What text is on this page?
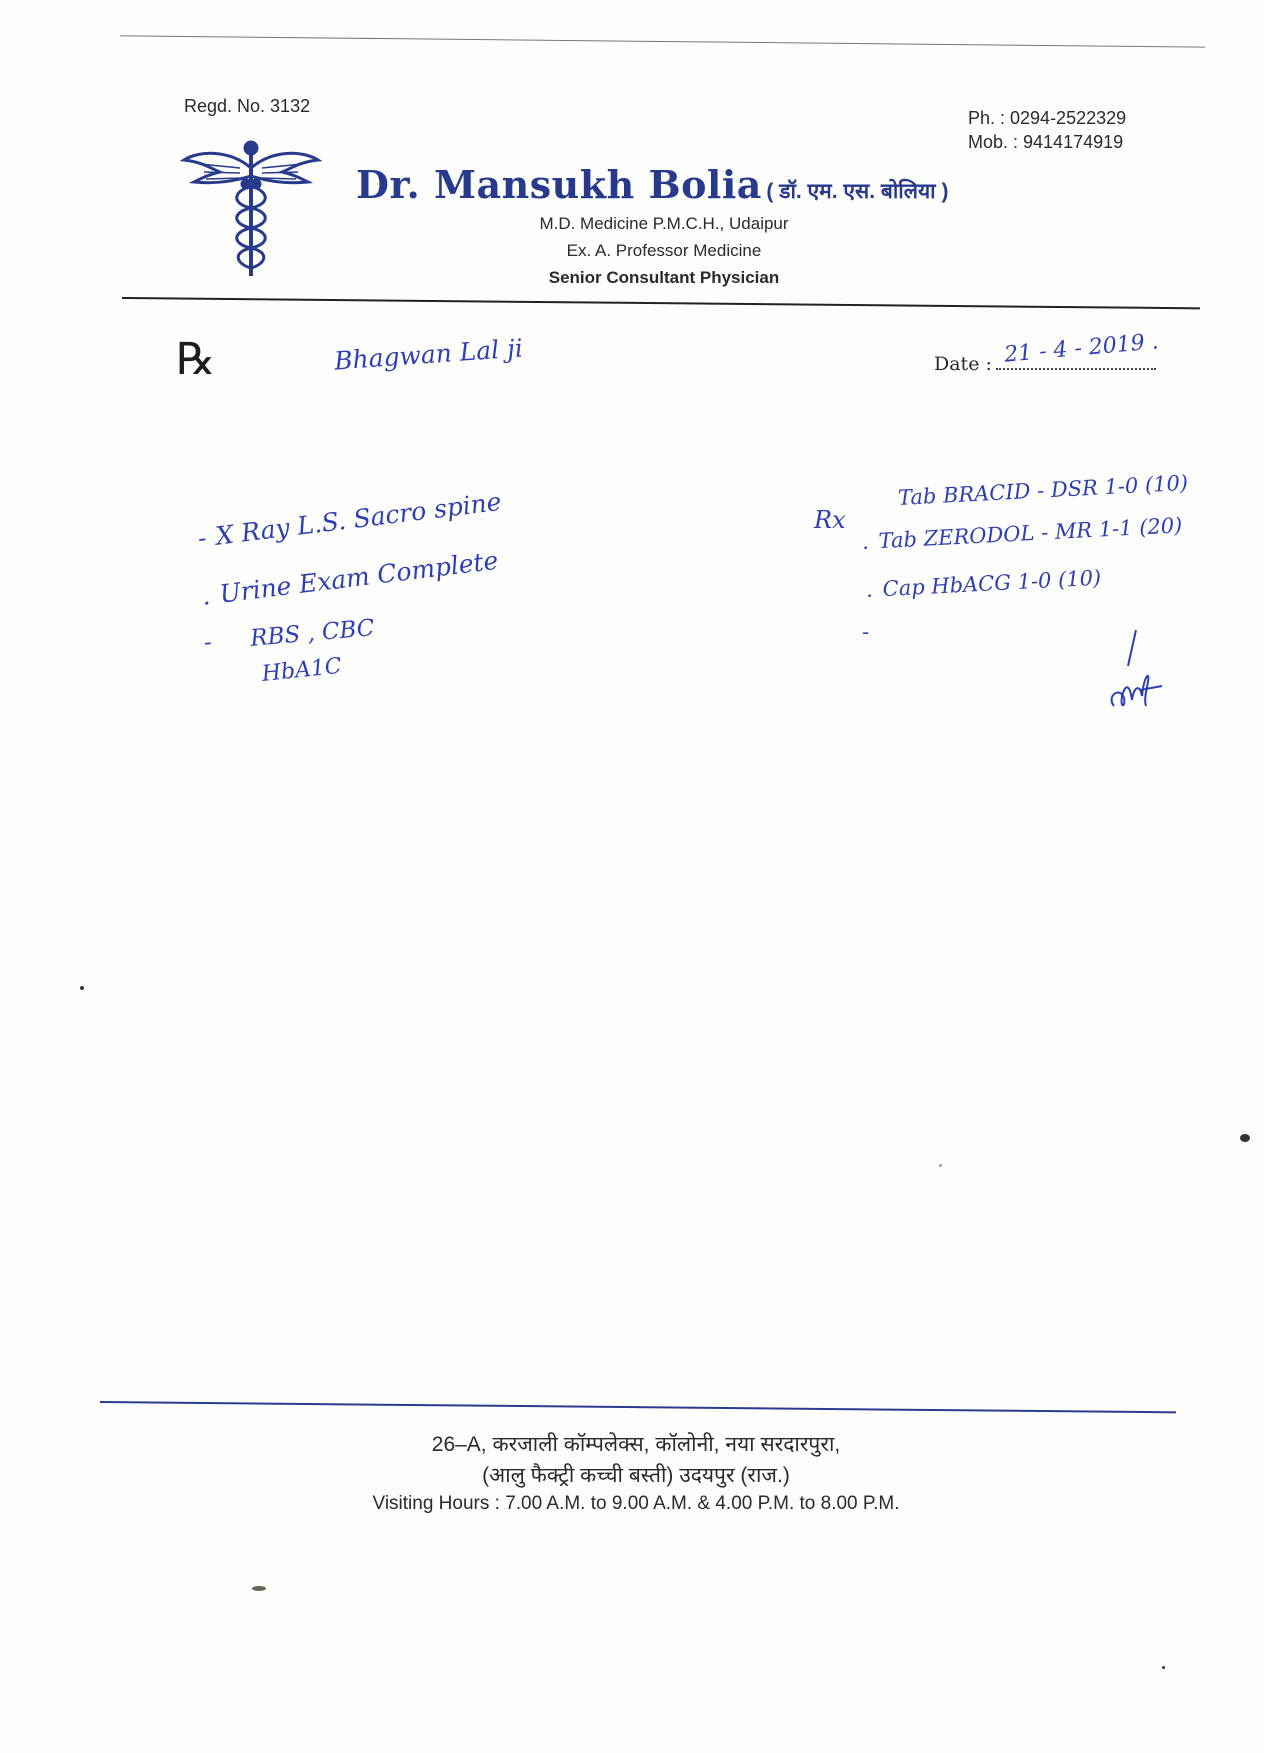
Regd. No. 3132
Ph. : 0294-2522329
Mob. : 9414174919
Dr. Mansukh Bolia ( डॉ. एम. एस. बोलिया )
M.D. Medicine P.M.C.H., Udaipur
Ex. A. Professor Medicine
Senior Consultant Physician
℞	Bhagwan Lal ji	Date : 21 - 4 - 2019 .
- X Ray L.S. Sacro spine
. Urine Exam Complete
- RBS , CBC
HbA1C
Rx
Tab BRACID - DSR 1-0 (10)
. Tab ZERODOL - MR 1-1 (20)
. Cap HbACG 1-0 (10)
-
26–A, करजाली कॉम्पलेक्स, कॉलोनी, नया सरदारपुरा,
(आलु फैक्ट्री कच्ची बस्ती) उदयपुर (राज.)
Visiting Hours : 7.00 A.M. to 9.00 A.M. & 4.00 P.M. to 8.00 P.M.
